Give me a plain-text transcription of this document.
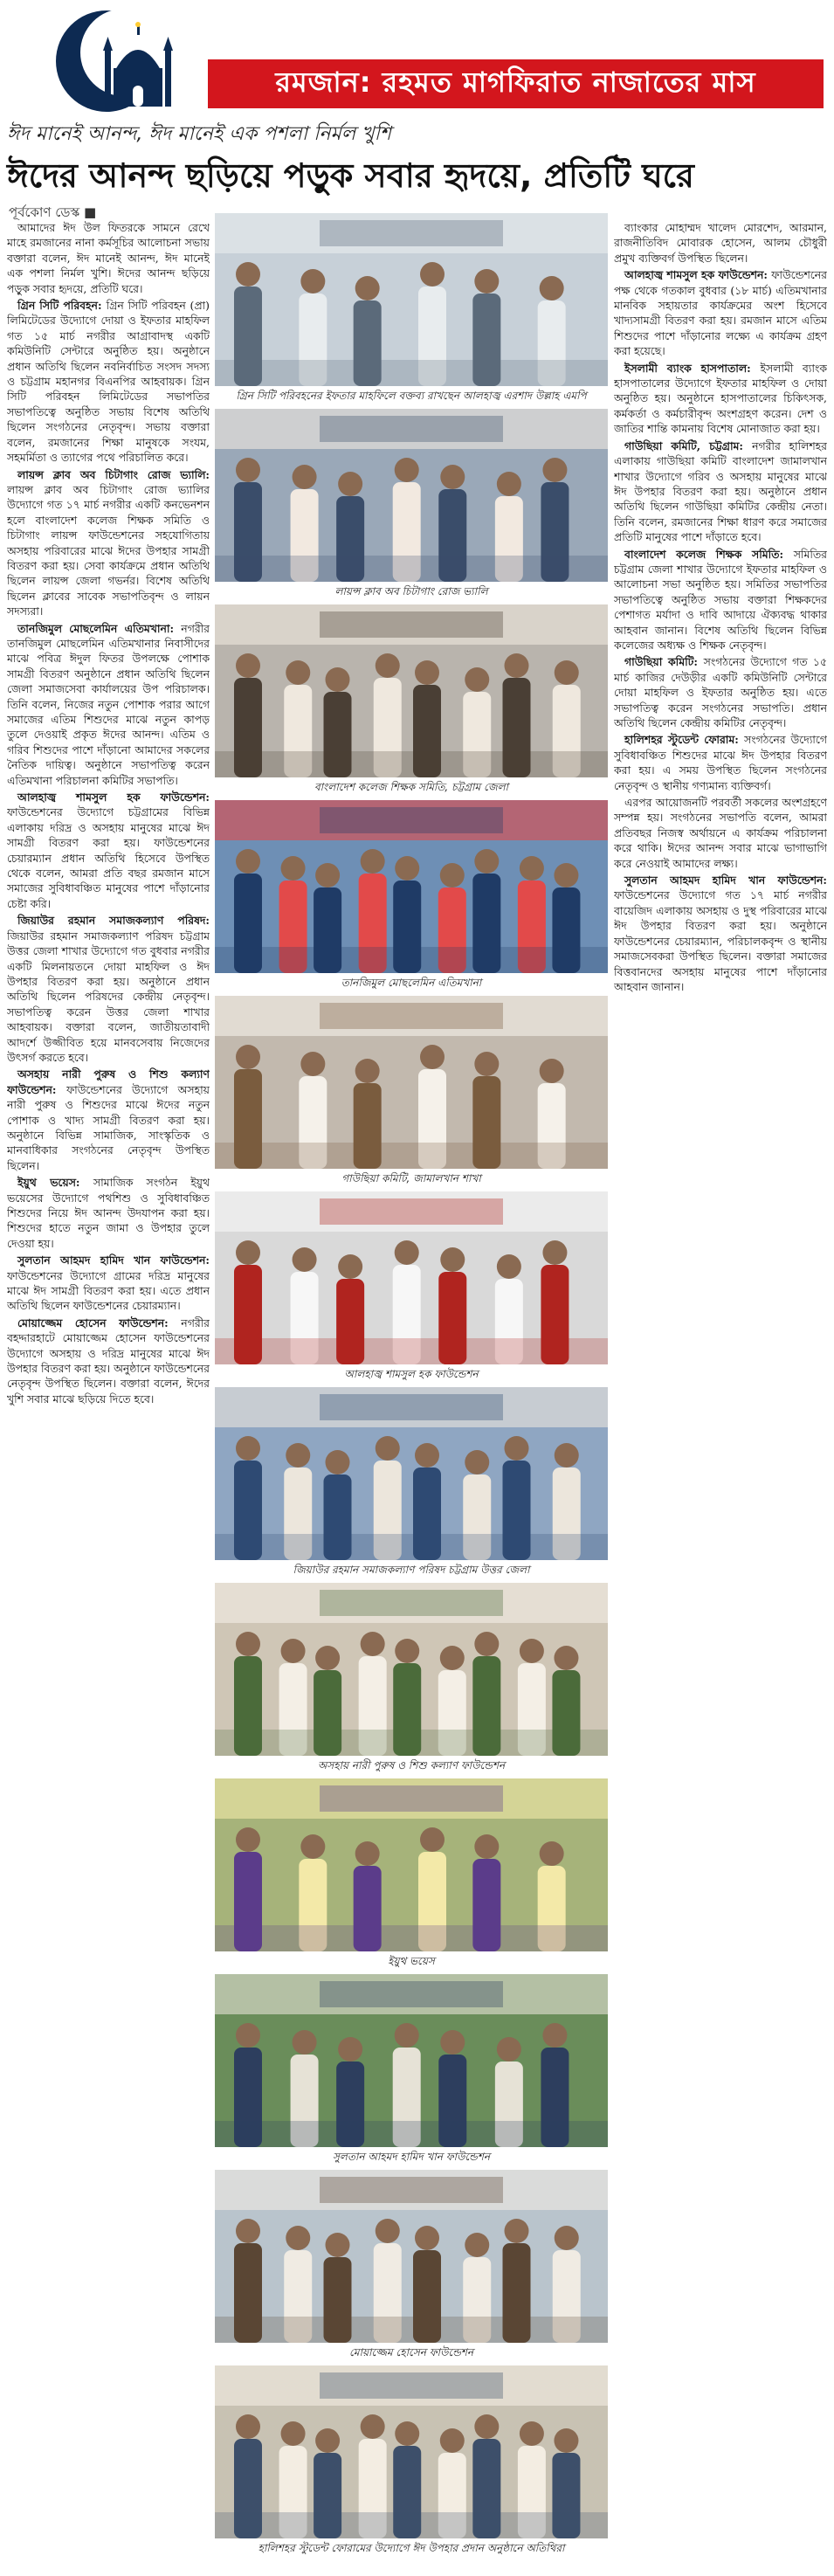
রমজান: রহমত মাগফিরাত নাজাতের মাস
ঈদ মানেই আনন্দ, ঈদ মানেই এক পশলা নির্মল খুশি
ঈদের আনন্দ ছড়িয়ে পড়ুক সবার হৃদয়ে, প্রতিটি ঘরে
পূর্বকোণ ডেস্ক ■

আমাদের ঈদ উল ফিতরকে সামনে রেখে মাহে রমজানের নানা কর্মসূচির আলোচনা সভায় বক্তারা বলেন, ঈদ মানেই আনন্দ, ঈদ মানেই এক পশলা নির্মল খুশি। ঈদের আনন্দ ছড়িয়ে পড়ুক সবার হৃদয়ে, প্রতিটি ঘরে।

গ্রিন সিটি পরিবহন: গ্রিন সিটি পরিবহন (প্রা) লিমিটেডের উদ্যোগে দোয়া ও ইফতার মাহফিল গত ১৫ মার্চ নগরীর আগ্রাবাদস্থ একটি কমিউনিটি সেন্টারে অনুষ্ঠিত হয়। অনুষ্ঠানে প্রধান অতিথি ছিলেন নবনির্বাচিত সংসদ সদস্য ও চট্টগ্রাম মহানগর বিএনপির আহবায়ক। গ্রিন সিটি পরিবহন লিমিটেডের সভাপতির সভাপতিত্বে অনুষ্ঠিত সভায় বিশেষ অতিথি ছিলেন সংগঠনের নেতৃবৃন্দ। সভায় বক্তারা বলেন, রমজানের শিক্ষা মানুষকে সংযম, সহমর্মিতা ও ত্যাগের পথে পরিচালিত করে।

লায়ন্স ক্লাব অব চিটাগাং রোজ ভ্যালি: লায়ন্স ক্লাব অব চিটাগাং রোজ ভ্যালির উদ্যোগে গত ১৭ মার্চ নগরীর একটি কনভেনশন হলে বাংলাদেশ কলেজ শিক্ষক সমিতি ও চিটাগাং লায়ন্স ফাউন্ডেশনের সহযোগিতায় অসহায় পরিবারের মাঝে ঈদের উপহার সামগ্রী বিতরণ করা হয়। সেবা কার্যক্রমে প্রধান অতিথি ছিলেন লায়ন্স জেলা গভর্নর। বিশেষ অতিথি ছিলেন ক্লাবের সাবেক সভাপতিবৃন্দ ও লায়ন সদস্যরা।

তানজিমুল মোছলেমিন এতিমখানা: নগরীর তানজিমুল মোছলেমিন এতিমখানার নিবাসীদের মাঝে পবিত্র ঈদুল ফিতর উপলক্ষে পোশাক সামগ্রী বিতরণ অনুষ্ঠানে প্রধান অতিথি ছিলেন জেলা সমাজসেবা কার্যালয়ের উপ পরিচালক। তিনি বলেন, নিজের নতুন পোশাক পরার আগে সমাজের এতিম শিশুদের মাঝে নতুন কাপড় তুলে দেওয়াই প্রকৃত ঈদের আনন্দ। এতিম ও গরিব শিশুদের পাশে দাঁড়ানো আমাদের সকলের নৈতিক দায়িত্ব। অনুষ্ঠানে সভাপতিত্ব করেন এতিমখানা পরিচালনা কমিটির সভাপতি।

আলহাজ্ব শামসুল হক ফাউন্ডেশন: ফাউন্ডেশনের উদ্যোগে চট্টগ্রামের বিভিন্ন এলাকায় দরিদ্র ও অসহায় মানুষের মাঝে ঈদ সামগ্রী বিতরণ করা হয়। ফাউন্ডেশনের চেয়ারম্যান প্রধান অতিথি হিসেবে উপস্থিত থেকে বলেন, আমরা প্রতি বছর রমজান মাসে সমাজের সুবিধাবঞ্চিত মানুষের পাশে দাঁড়ানোর চেষ্টা করি।

জিয়াউর রহমান সমাজকল্যাণ পরিষদ: জিয়াউর রহমান সমাজকল্যাণ পরিষদ চট্টগ্রাম উত্তর জেলা শাখার উদ্যোগে গত বুধবার নগরীর একটি মিলনায়তনে দোয়া মাহফিল ও ঈদ উপহার বিতরণ করা হয়। অনুষ্ঠানে প্রধান অতিথি ছিলেন পরিষদের কেন্দ্রীয় নেতৃবৃন্দ। সভাপতিত্ব করেন উত্তর জেলা শাখার আহবায়ক। বক্তারা বলেন, জাতীয়তাবাদী আদর্শে উজ্জীবিত হয়ে মানবসেবায় নিজেদের উৎসর্গ করতে হবে।

অসহায় নারী পুরুষ ও শিশু কল্যাণ ফাউন্ডেশন: ফাউন্ডেশনের উদ্যোগে অসহায় নারী পুরুষ ও শিশুদের মাঝে ঈদের নতুন পোশাক ও খাদ্য সামগ্রী বিতরণ করা হয়। অনুষ্ঠানে বিভিন্ন সামাজিক, সাংস্কৃতিক ও মানবাধিকার সংগঠনের নেতৃবৃন্দ উপস্থিত ছিলেন।

ইয়ুথ ভয়েস: সামাজিক সংগঠন ইয়ুথ ভয়েসের উদ্যোগে পথশিশু ও সুবিধাবঞ্চিত শিশুদের নিয়ে ঈদ আনন্দ উদযাপন করা হয়। শিশুদের হাতে নতুন জামা ও উপহার তুলে দেওয়া হয়।

সুলতান আহমদ হামিদ খান ফাউন্ডেশন: ফাউন্ডেশনের উদ্যোগে গ্রামের দরিদ্র মানুষের মাঝে ঈদ সামগ্রী বিতরণ করা হয়। এতে প্রধান অতিথি ছিলেন ফাউন্ডেশনের চেয়ারম্যান।

মোয়াজ্জেম হোসেন ফাউন্ডেশন: নগরীর বহদ্দারহাটে মোয়াজ্জেম হোসেন ফাউন্ডেশনের উদ্যোগে অসহায় ও দরিদ্র মানুষের মাঝে ঈদ উপহার বিতরণ করা হয়। অনুষ্ঠানে ফাউন্ডেশনের নেতৃবৃন্দ উপস্থিত ছিলেন। বক্তারা বলেন, ঈদের খুশি সবার মাঝে ছড়িয়ে দিতে হবে।

গ্রিন সিটি পরিবহনের ইফতার মাহফিলে বক্তব্য রাখছেন আলহাজ্ব এরশাদ উল্লাহ এমপি
লায়ন্স ক্লাব অব চিটাগাং রোজ ভ্যালি
বাংলাদেশ কলেজ শিক্ষক সমিতি, চট্টগ্রাম জেলা
তানজিমুল মোছলেমিন এতিমখানা
গাউছিয়া কমিটি, জামালখান শাখা
আলহাজ্ব শামসুল হক ফাউন্ডেশন
জিয়াউর রহমান সমাজকল্যাণ পরিষদ চট্টগ্রাম উত্তর জেলা
অসহায় নারী পুরুষ ও শিশু কল্যাণ ফাউন্ডেশন
ইয়ুথ ভয়েস
সুলতান আহমদ হামিদ খান ফাউন্ডেশন
মোয়াজ্জেম হোসেন ফাউন্ডেশন
হালিশহর স্টুডেন্ট ফোরামের উদ্যোগে ঈদ উপহার প্রদান অনুষ্ঠানে অতিথিরা

ব্যাংকার মোহাম্মদ খালেদ মোরশেদ, আরমান, রাজনীতিবিদ মোবারক হোসেন, আলম চৌধুরী প্রমুখ ব্যক্তিবর্গ উপস্থিত ছিলেন।

আলহাজ্ব শামসুল হক ফাউন্ডেশন: ফাউন্ডেশনের পক্ষ থেকে গতকাল বুধবার (১৮ মার্চ) এতিমখানার মানবিক সহায়তার কার্যক্রমের অংশ হিসেবে খাদ্যসামগ্রী বিতরণ করা হয়। রমজান মাসে এতিম শিশুদের পাশে দাঁড়ানোর লক্ষ্যে এ কার্যক্রম গ্রহণ করা হয়েছে।

ইসলামী ব্যাংক হাসপাতাল: ইসলামী ব্যাংক হাসপাতালের উদ্যোগে ইফতার মাহফিল ও দোয়া অনুষ্ঠিত হয়। অনুষ্ঠানে হাসপাতালের চিকিৎসক, কর্মকর্তা ও কর্মচারীবৃন্দ অংশগ্রহণ করেন। দেশ ও জাতির শান্তি কামনায় বিশেষ মোনাজাত করা হয়।

গাউছিয়া কমিটি, চট্টগ্রাম: নগরীর হালিশহর এলাকায় গাউছিয়া কমিটি বাংলাদেশ জামালখান শাখার উদ্যোগে গরিব ও অসহায় মানুষের মাঝে ঈদ উপহার বিতরণ করা হয়। অনুষ্ঠানে প্রধান অতিথি ছিলেন গাউছিয়া কমিটির কেন্দ্রীয় নেতা। তিনি বলেন, রমজানের শিক্ষা ধারণ করে সমাজের প্রতিটি মানুষের পাশে দাঁড়াতে হবে।

বাংলাদেশ কলেজ শিক্ষক সমিতি: সমিতির চট্টগ্রাম জেলা শাখার উদ্যোগে ইফতার মাহফিল ও আলোচনা সভা অনুষ্ঠিত হয়। সমিতির সভাপতির সভাপতিত্বে অনুষ্ঠিত সভায় বক্তারা শিক্ষকদের পেশাগত মর্যাদা ও দাবি আদায়ে ঐক্যবদ্ধ থাকার আহবান জানান। বিশেষ অতিথি ছিলেন বিভিন্ন কলেজের অধ্যক্ষ ও শিক্ষক নেতৃবৃন্দ।

গাউছিয়া কমিটি: সংগঠনের উদ্যোগে গত ১৫ মার্চ কাজির দেউড়ীর একটি কমিউনিটি সেন্টারে দোয়া মাহফিল ও ইফতার অনুষ্ঠিত হয়। এতে সভাপতিত্ব করেন সংগঠনের সভাপতি। প্রধান অতিথি ছিলেন কেন্দ্রীয় কমিটির নেতৃবৃন্দ।

হালিশহর স্টুডেন্ট ফোরাম: সংগঠনের উদ্যোগে সুবিধাবঞ্চিত শিশুদের মাঝে ঈদ উপহার বিতরণ করা হয়। এ সময় উপস্থিত ছিলেন সংগঠনের নেতৃবৃন্দ ও স্থানীয় গণ্যমান্য ব্যক্তিবর্গ।

এরপর আয়োজনটি পরবর্তী সকলের অংশগ্রহণে সম্পন্ন হয়। সংগঠনের সভাপতি বলেন, আমরা প্রতিবছর নিজস্ব অর্থায়নে এ কার্যক্রম পরিচালনা করে থাকি। ঈদের আনন্দ সবার মাঝে ভাগাভাগি করে নেওয়াই আমাদের লক্ষ্য।

সুলতান আহমদ হামিদ খান ফাউন্ডেশন: ফাউন্ডেশনের উদ্যোগে গত ১৭ মার্চ নগরীর বায়েজিদ এলাকায় অসহায় ও দুস্থ পরিবারের মাঝে ঈদ উপহার বিতরণ করা হয়। অনুষ্ঠানে ফাউন্ডেশনের চেয়ারম্যান, পরিচালকবৃন্দ ও স্থানীয় সমাজসেবকরা উপস্থিত ছিলেন। বক্তারা সমাজের বিত্তবানদের অসহায় মানুষের পাশে দাঁড়ানোর আহবান জানান।
